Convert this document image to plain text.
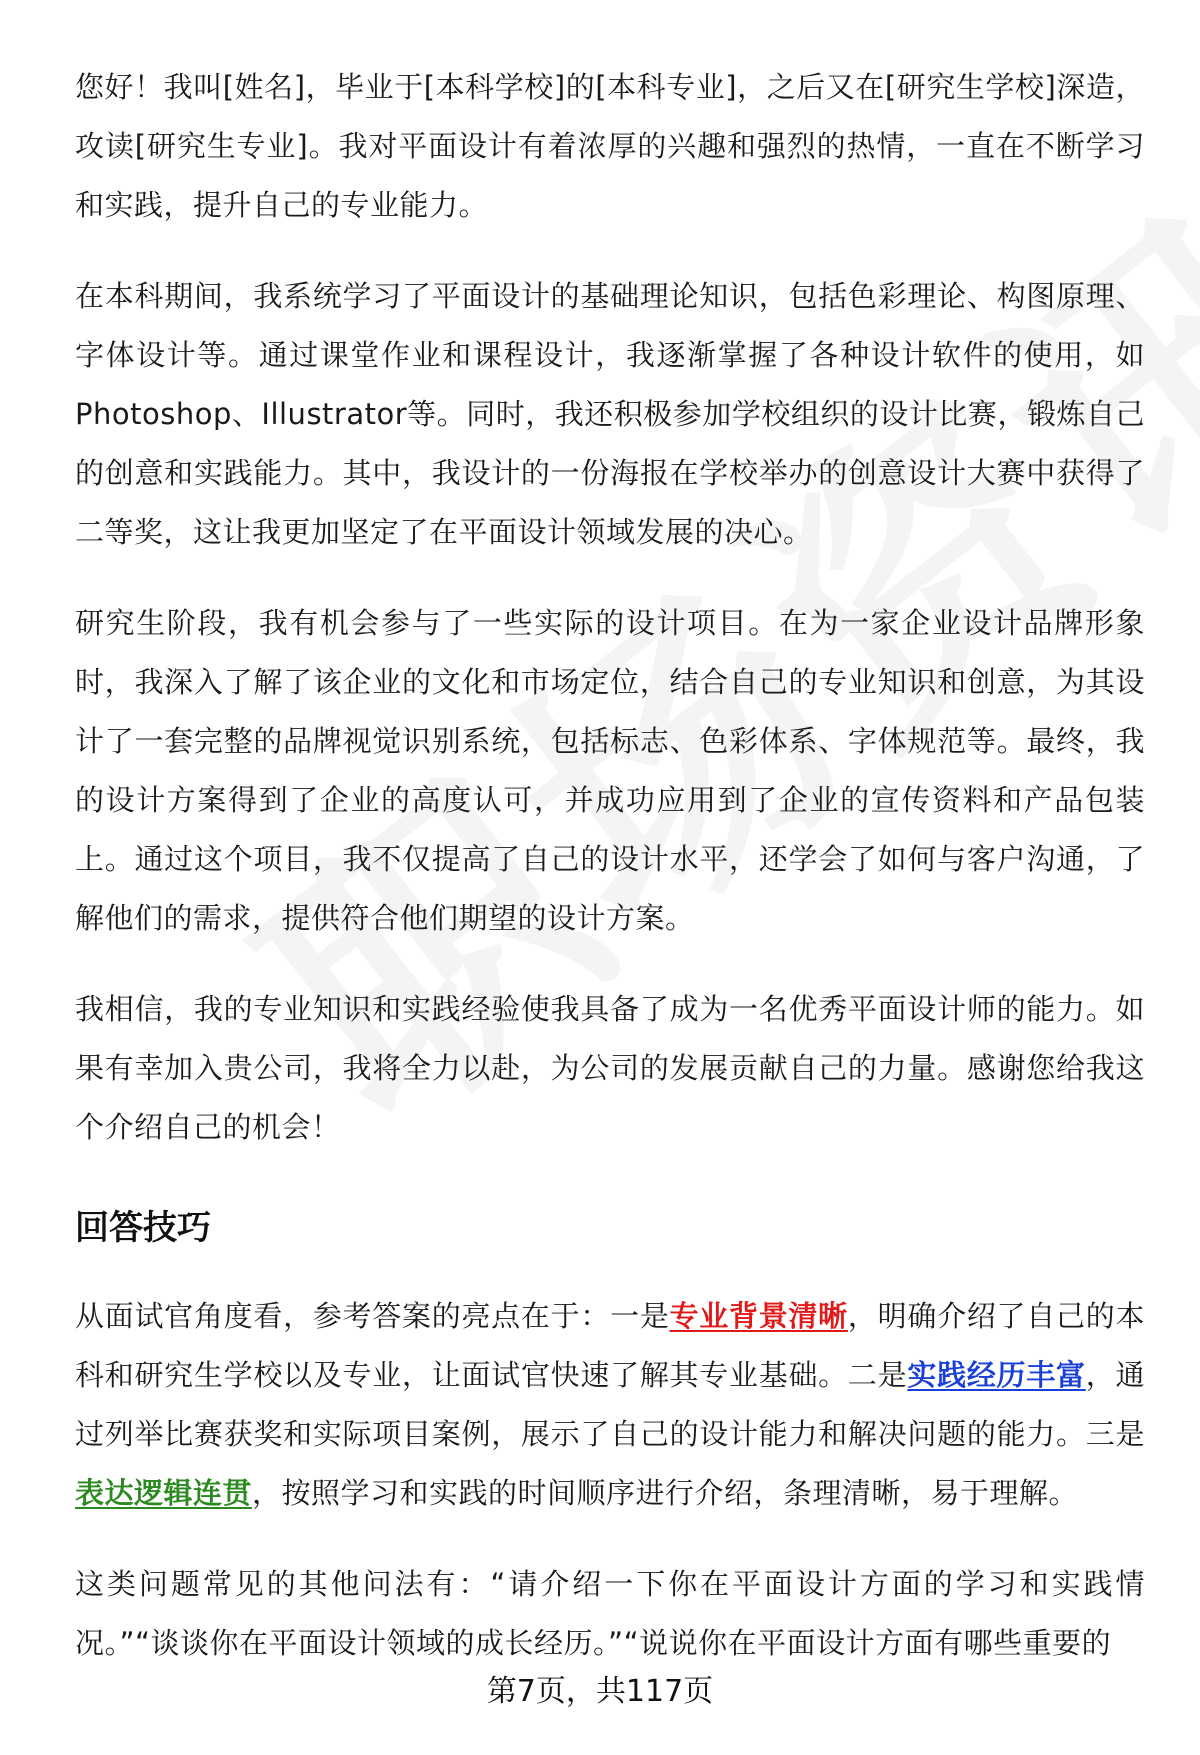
您好！我叫[姓名]，毕业于[本科学校]的[本科专业]，之后又在[研究生学校]深造，攻读[研究生专业]。我对平面设计有着浓厚的兴趣和强烈的热情，一直在不断学习和实践，提升自己的专业能力。

在本科期间，我系统学习了平面设计的基础理论知识，包括色彩理论、构图原理、字体设计等。通过课堂作业和课程设计，我逐渐掌握了各种设计软件的使用，如Photoshop、Illustrator等。同时，我还积极参加学校组织的设计比赛，锻炼自己的创意和实践能力。其中，我设计的一份海报在学校举办的创意设计大赛中获得了二等奖，这让我更加坚定了在平面设计领域发展的决心。

研究生阶段，我有机会参与了一些实际的设计项目。在为一家企业设计品牌形象时，我深入了解了该企业的文化和市场定位，结合自己的专业知识和创意，为其设计了一套完整的品牌视觉识别系统，包括标志、色彩体系、字体规范等。最终，我的设计方案得到了企业的高度认可，并成功应用到了企业的宣传资料和产品包装上。通过这个项目，我不仅提高了自己的设计水平，还学会了如何与客户沟通，了解他们的需求，提供符合他们期望的设计方案。

我相信，我的专业知识和实践经验使我具备了成为一名优秀平面设计师的能力。如果有幸加入贵公司，我将全力以赴，为公司的发展贡献自己的力量。感谢您给我这个介绍自己的机会！

回答技巧

从面试官角度看，参考答案的亮点在于：一是专业背景清晰，明确介绍了自己的本科和研究生学校以及专业，让面试官快速了解其专业基础。二是实践经历丰富，通过列举比赛获奖和实际项目案例，展示了自己的设计能力和解决问题的能力。三是表达逻辑连贯，按照学习和实践的时间顺序进行介绍，条理清晰，易于理解。

这类问题常见的其他问法有：“请介绍一下你在平面设计方面的学习和实践情况。”“谈谈你在平面设计领域的成长经历。”“说说你在平面设计方面有哪些重要的

第7页，共117页
